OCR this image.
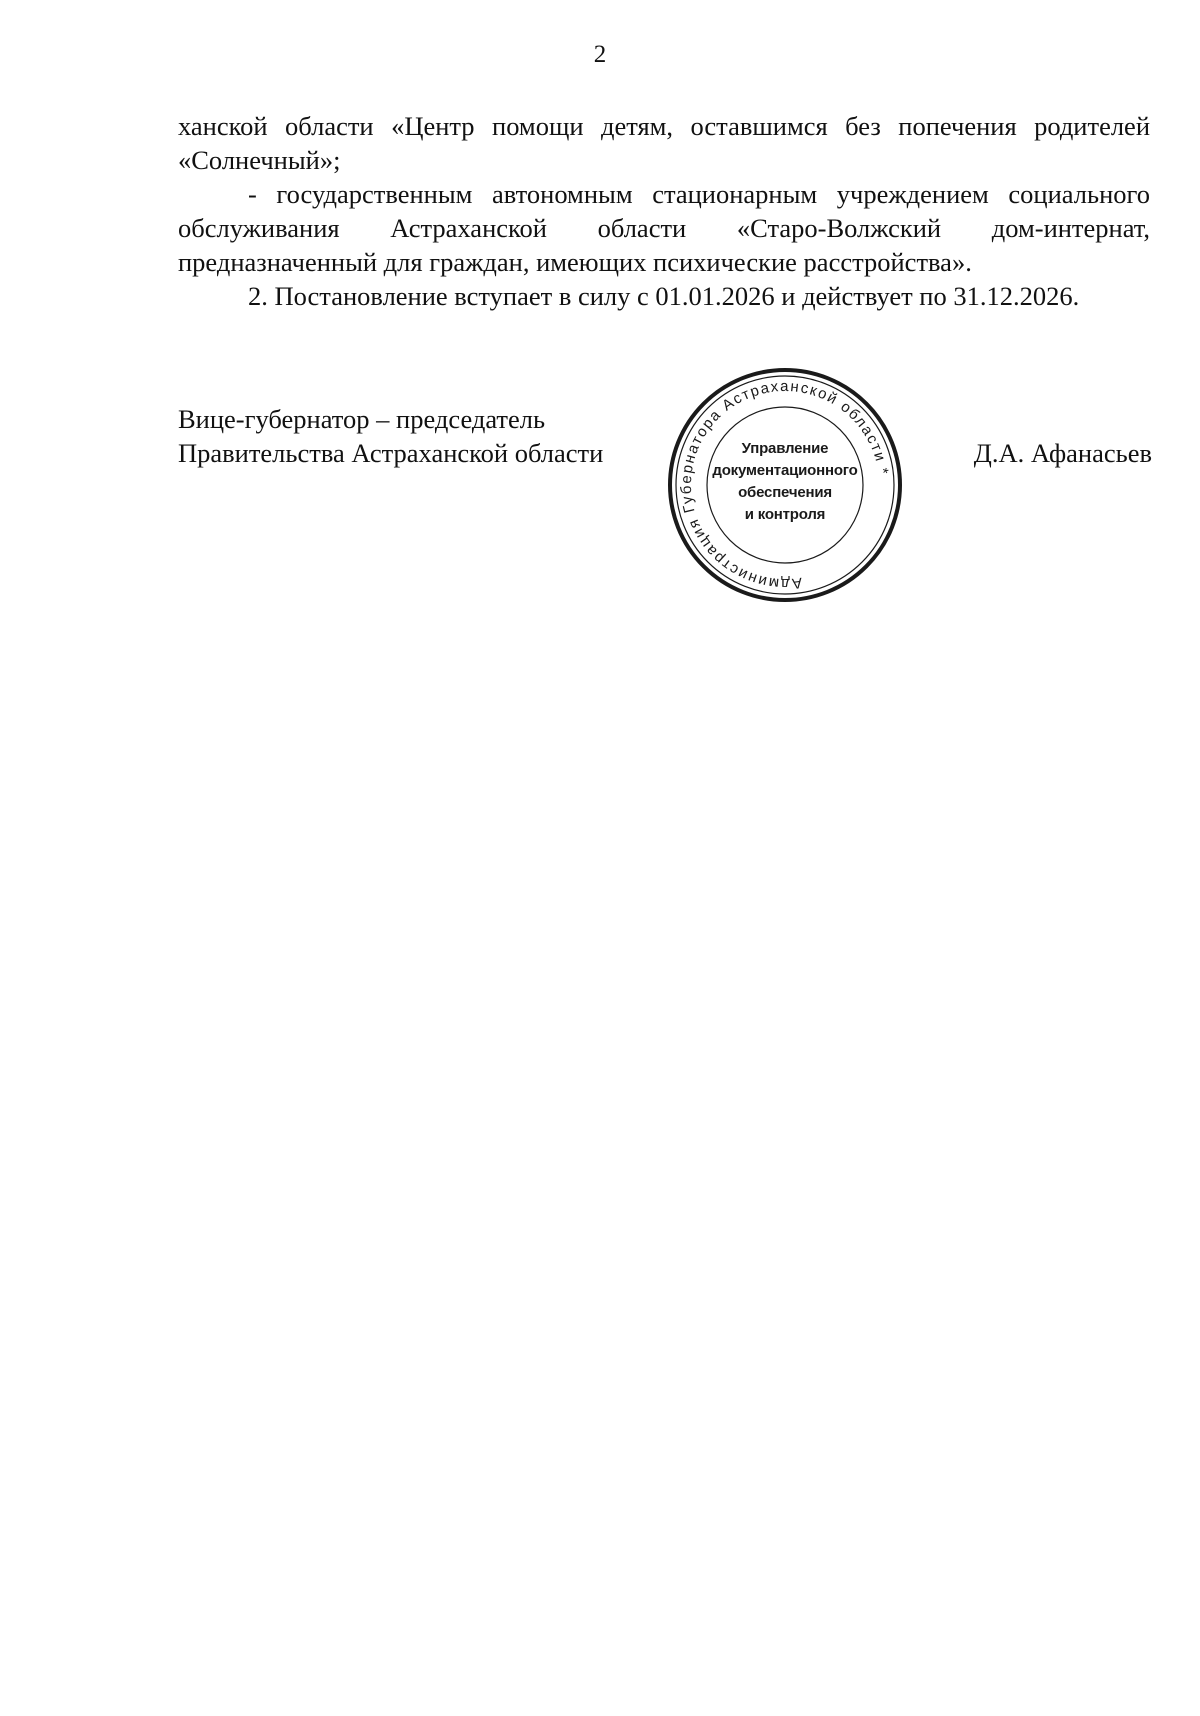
2

ханской области «Центр помощи детям, оставшимся без попечения родителей «Солнечный»;

- государственным автономным стационарным учреждением социального обслуживания Астраханской области «Старо-Волжский дом-интернат, предназначенный для граждан, имеющих психические расстройства».

2. Постановление вступает в силу с 01.01.2026 и действует по 31.12.2026.

Вице-губернатор – председатель
Правительства Астраханской области	Д.А. Афанасьев
Администрация Губернатора Астраханской области *
Управление
документационного
обеспечения
и контроля
